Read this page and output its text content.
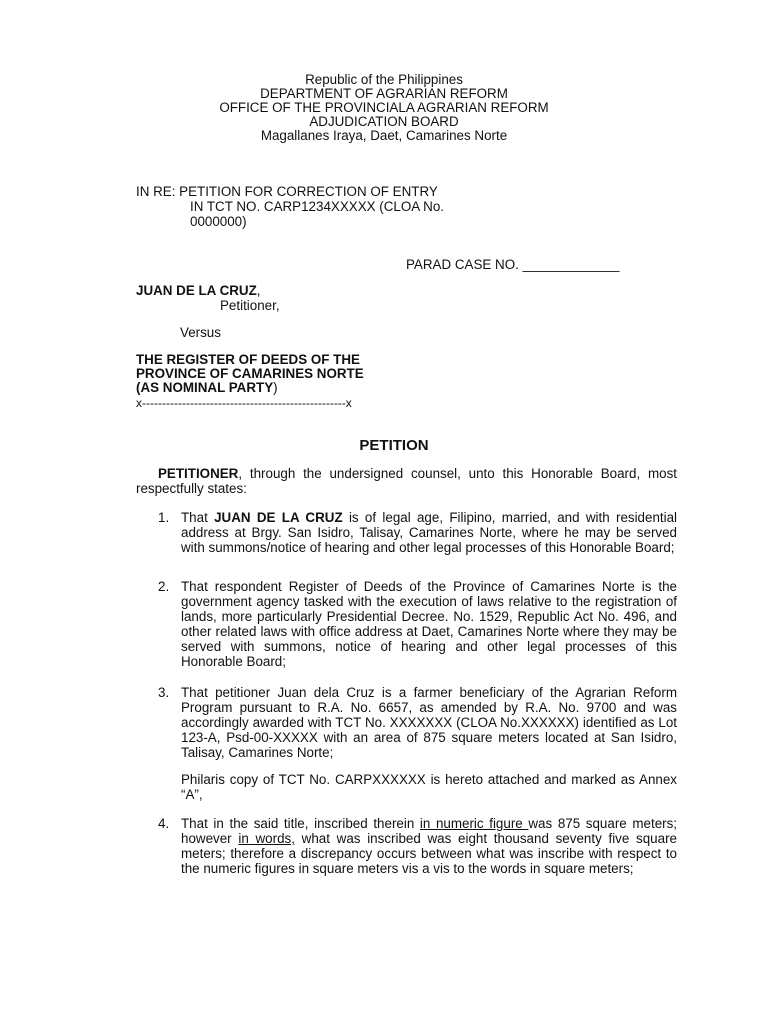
Republic of the Philippines
DEPARTMENT OF AGRARIAN REFORM
OFFICE OF THE PROVINCIALA AGRARIAN REFORM
ADJUDICATION BOARD
Magallanes Iraya, Daet, Camarines Norte
IN RE: PETITION FOR CORRECTION OF ENTRY
IN TCT NO. CARP1234XXXXX (CLOA No.
0000000)
PARAD CASE NO. _____________
JUAN DE LA CRUZ,
Petitioner,
Versus
THE REGISTER OF DEEDS OF THE
PROVINCE OF CAMARINES NORTE
(AS NOMINAL PARTY)
x---------------------------------------------------x
PETITION
PETITIONER, through the undersigned counsel, unto this Honorable Board, most respectfully states:
1. That JUAN DE LA CRUZ is of legal age, Filipino, married, and with residential address at Brgy. San Isidro, Talisay, Camarines Norte, where he may be served with summons/notice of hearing and other legal processes of this Honorable Board;
2. That respondent Register of Deeds of the Province of Camarines Norte is the government agency tasked with the execution of laws relative to the registration of lands, more particularly Presidential Decree. No. 1529, Republic Act No. 496, and other related laws with office address at Daet, Camarines Norte where they may be served with summons, notice of hearing and other legal processes of this Honorable Board;
3. That petitioner Juan dela Cruz is a farmer beneficiary of the Agrarian Reform Program pursuant to R.A. No. 6657, as amended by R.A. No. 9700 and was accordingly awarded with TCT No. XXXXXXX (CLOA No.XXXXXX) identified as Lot 123-A, Psd-00-XXXXX with an area of 875 square meters located at San Isidro, Talisay, Camarines Norte;
Philaris copy of TCT No. CARPXXXXXX is hereto attached and marked as Annex “A”,
4. That in the said title, inscribed therein in numeric figure was 875 square meters; however in words, what was inscribed was eight thousand seventy five square meters; therefore a discrepancy occurs between what was inscribe with respect to the numeric figures in square meters vis a vis to the words in square meters;
